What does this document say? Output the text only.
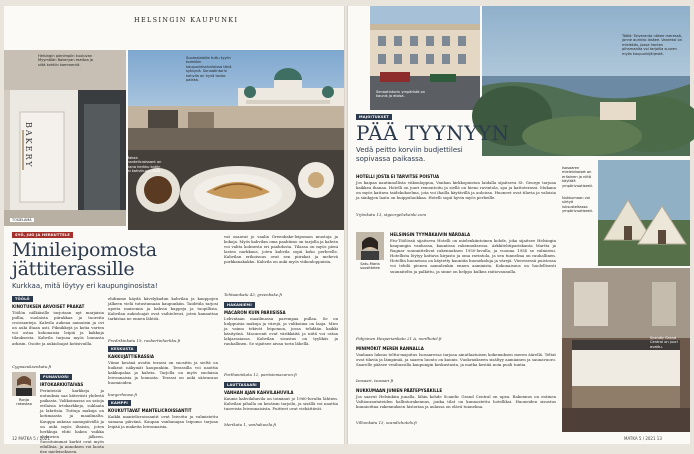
HELSINGIN KAUPUNKI
BAKERY
Helsingin pienimpiin kuuluvan Myymälän Bakeryan mattoa ja siitä kohtiin kommentit.
TOSIELÄMÄ
Suomalaisille tuttu tyylin toimiikin kaupunkikahviloissa tänä syksynä. Senaatintorin kahvila on hyvä tauko paikka.
Makea mantelicroissant on ihana herkku kotiin tai kahvikupin kera.
SYÖ, JUO JA HERKUTTELE
Minileipomosta
jättiterassille
Kurkkaa, mitä löytyy eri kaupunginosista!
TÖÖLÖ
KINOTUKSEN ARVOISET PRAKAT
Töölön nälkäisille tarjotaan nyt marjaisia pullia, suolaista piirakkaa ja tuoreita croissanteja. Kahvila aukeaa aamuisin ja ovi on auki iltaan asti. Piknikkejä ja kotia varten voi ostaa kokonaisia leipiä ja kakkuja tilauksesta. Kahvila tarjoaa myös lounasta arkisin. Osoite ja aukioloajat kotisivuilla.
Cygnaeuksenkatu.fi
Ronja rakastaa
PUNAVUORI
IRTOKARKKITAIVAS
Perinteisiä karkkeja ja uutuuksia saa kätevästi yhdestä paikasta. Valikoimassa on satoja erilaisia irtokarkkeja, suklaata ja lakritsia. Tuttuja makuja on kotimaasta ja maailmalta. Kauppa aukeaa aamupäivällä ja on auki myös iltaisin, joten herkkuja ehtii hakea vaikka elokuvien jälkeen. Suosituimmat karkit ovat myös edullisia, ja annoksen voi koota itse mieleisekseen.
ehdimme käydä kävelykadun kahvilan ja kauppojen jälkeen vielä tutustumaan kaupunkiin. Taidetila tarjosi upeita maisemia ja kahvia kuppeja ja tuopillisia. Kahvilan aukioloajat ovat vaihtelevat, joten kannattaa tarkistaa ne ennen lähtöä.
Fredrikinkatu 19, roobertinherkku.fi
KESKUSTA
KAKKUJÄTTIERASSIA
Viime kesänä avattu terassi on suosittu ja sieltä on huikeat näkymät kaupunkiin. Terassilla voi nauttia kakkupalaa ja kahvia. Tarjolla on myös suolaisia leivonnaisia ja lounasta. Terassi on auki säävaraus huomioiden.
burgerhouse.fi
KAMPPI
KOUKUTTAVAT MANTELICROISSANTIT
Kaikki mantelicroissantit ovat leivottu ja valmistettu samana päivänä. Kaupan vanhanajan leipomo tarjoaa leipää ja makeita leivonnaisia.
vat osaavat jo vaalia Greenbake-leipomon muotoja ja kokoja. Myös kahvilan oma paahtimo on tarjolla ja kahvin voi valita kolmesta eri paahdosta. Tilassa on myös pieni lasten nurkkaus, joten kahvila sopii koko perheelle. Kahvilan erikoisuus ovat sen piirakat ja mehevä porkkanakakku. Kahvila on auki myös viikonloppuisin.
Tehtaankatu 43, greenbake.fi
HAKANIEMI
MACARON KUIN PARIISISSA
Lehvataan maailmassa parempaa pullaa. Se on hulppuisia makuja ja värejä, ja valikoima on laaja. Mies ja vaimo tekivät leipomon, jossa tehdään kaikki käsityönä. Macaronit ovat värikkäitä ja niitä voi ostaa lahjarasiassa. Kahvilan sisustus on tyylikäs ja rauhallinen. Se sijaitsee aivan torin lähellä.
Porthaninkatu 12, pariisinmacaron.fi
LAUTTASAARI
VANHAN AJAN KAHVILAHUVILA
Kaunis kahvilahuvila on toiminut jo 1960-luvulta lähtien. Kahvilan pihalla on kesäisin tarjoilu, ja sisällä voi nauttia tuoreista leivonnaisista. Puitteet ovat viehättävät.
Merikatu 1, vanhahuvila.fi
12 MATKA 5 / 2021
Senaatintorin ympäristö on kaunis ja eloisa.
Töölö: Toiveranta näkee meressä, jonne aurinko laskee. Vanressi on mielekäs, jossa hanten pihamaalta voi tarjoilla suuren myös kaupunkijärjestä.
MAJOITUKSET
PÄÄ TYYNYYN
Vedä peitto korviin budjettilesi
sopivassa paikassa.
HOTELLI JOSTA EI TARVITSE POISTUA
Jos kaipaa nautinnollista viikonloppua, Vanhan kirkkopuiston laidalla sijaitseva St. George tarjoaa kaikkea ihanaa. Hotelli on juuri remontoitu ja siellä on hieno ravintola, spa ja kattoterassi. Mukana on myös kattava taidekokoelma, jota voi ihailla käytävillä ja auloissa. Huoneet ovat tilavia ja valoisia ja sänkyjen laatu on huippuluokkaa. Hotelli sopii hyvin myös perheille.
Yrjönkatu 13, stgeorgehelsinki.com
Satu-Maria suosittelee
HELSINGIN TYYMÄKAIVIN NÄRDALA
Etu-Töölössä sijaitseva Hotelli on mielenkiintoinen kohde, joka sijaitsee Helsingin kaupungin vanhassa, kauniissa rakennuksessa. Arkkitehtipariskunta Martta ja Ragnar suunnittelivat rakennuksen 1950-luvulla, ja vuonna 1954 se valmistui. Hotellista löytyy kattava kirjasto ja oma ravintola, ja sen tunnelma on rauhallinen. Hotellin huoneissa on käytetty kauniita huonekaluja ja värejä. Viereisessä puistossa voi tehdä pienen aamulenkin ennen aamiaista. Kokonaisuus on huolellisesti suunniteltu ja palkittu, ja sinne on helppo kulkea raitiovaunulla.
Pohjoinen Hesperiankatu 21 A, nordhotel.fi
MINIMÖKIT MEREN RANNALLA
Vanhaan luksus teltta-majoitus Isosaaressa tarjoaa ainutlaatuisen kokemuksen meren äärellä. Teltat ovat tilavia ja lämpimiä, ja saaren luonto on kaunis. Vuokraukseen sisältyy aamiainen ja saunavuoro. Saarelle pääsee vesibussilla kaupungin keskustasta, ja matka kestää noin puoli tuntia.
Isosaari, isosaari.fi
NUKKUMAAN JUNIEN PÄÄTEPYSÄKILLE
Jos saavut Helsinkiin junalla, lähin kohde Scandic Grand Central on upea. Rakennus on entinen Valtionrautateiden hallintorakennus, jonka tilat on kunnostettu hotelliksi. Huoneiden sisustus kunnioittaa rakennuksen historiaa ja aulassa on elävä tunnelma.
Vilhonkatu 13, scandichotels.fi
Isosaaren mieleinkoiset on erilainen ja niitä käyttää ympärivuotisesti.
Nukkumaan voi siirtyä luksusteltassa ympärivuotisesti.
Scandic Grand Central on juuri avattu.
MATKA 5 / 2021 13
